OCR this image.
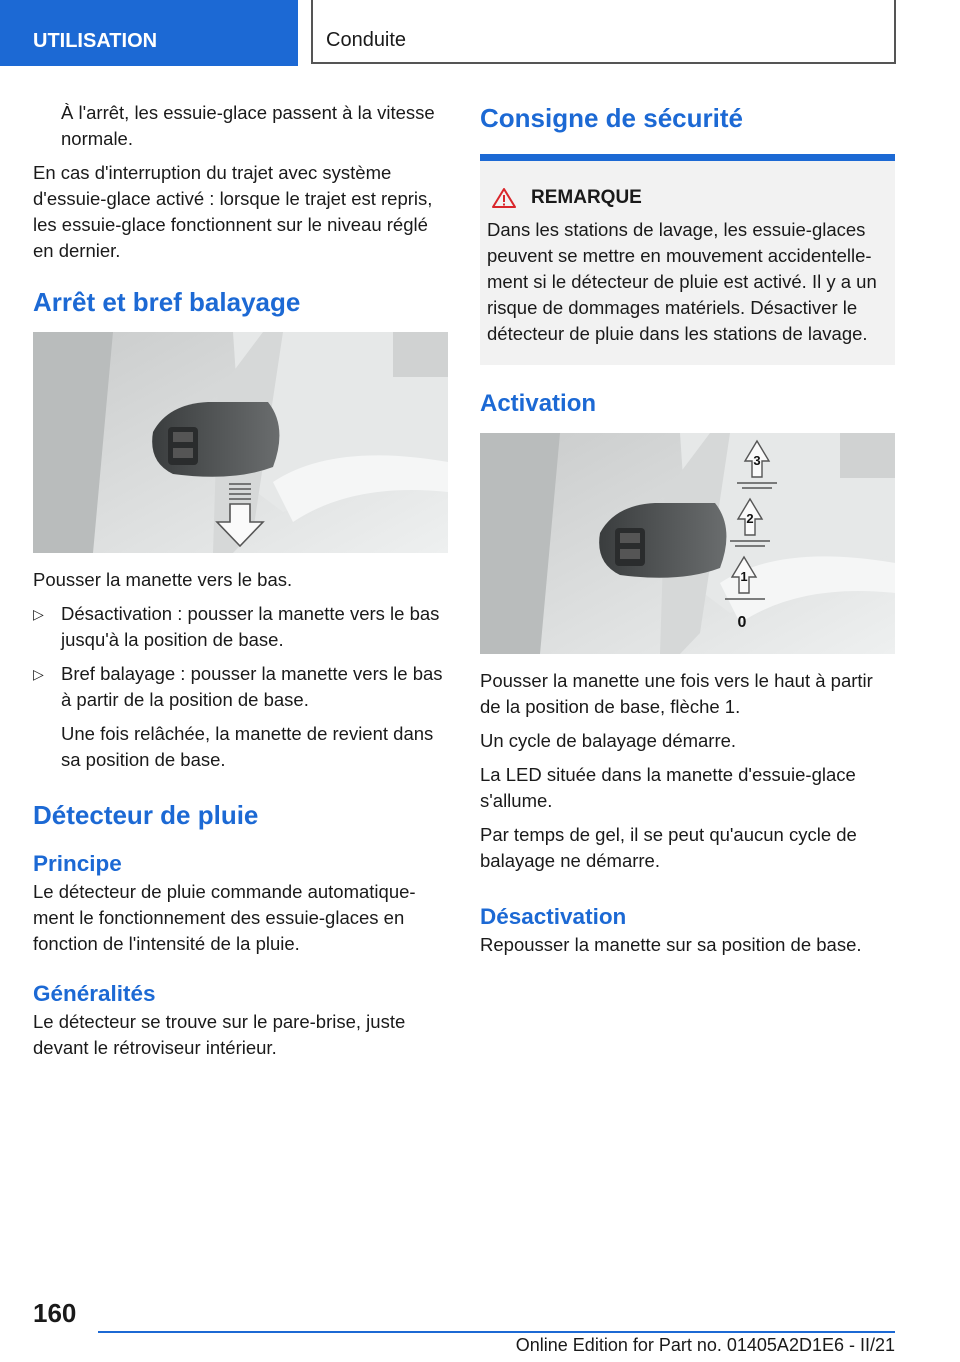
UTILISATION	Conduite

À l'arrêt, les essuie-glace passent à la vitesse normale.

En cas d'interruption du trajet avec système d'essuie-glace activé : lorsque le trajet est repris, les essuie-glace fonctionnent sur le niveau réglé en dernier.

Arrêt et bref balayage

Pousser la manette vers le bas.

▷ Désactivation : pousser la manette vers le bas jusqu'à la position de base.
▷ Bref balayage : pousser la manette vers le bas à partir de la position de base.

Une fois relâchée, la manette de revient dans sa position de base.

Détecteur de pluie
Principe

Le détecteur de pluie commande automatique-ment le fonctionnement des essuie-glaces en fonction de l'intensité de la pluie.

Généralités

Le détecteur se trouve sur le pare-brise, juste devant le rétroviseur intérieur.

Consigne de sécurité
REMARQUE

Dans les stations de lavage, les essuie-glaces peuvent se mettre en mouvement accidentelle-ment si le détecteur de pluie est activé. Il y a un risque de dommages matériels. Désactiver le détecteur de pluie dans les stations de lavage.

Activation
3
2
1
0

Pousser la manette une fois vers le haut à partir de la position de base, flèche 1.

Un cycle de balayage démarre.

La LED située dans la manette d'essuie-glace s'allume.

Par temps de gel, il se peut qu'aucun cycle de balayage ne démarre.

Désactivation

Repousser la manette sur sa position de base.

160
Online Edition for Part no. 01405A2D1E6 - II/21
